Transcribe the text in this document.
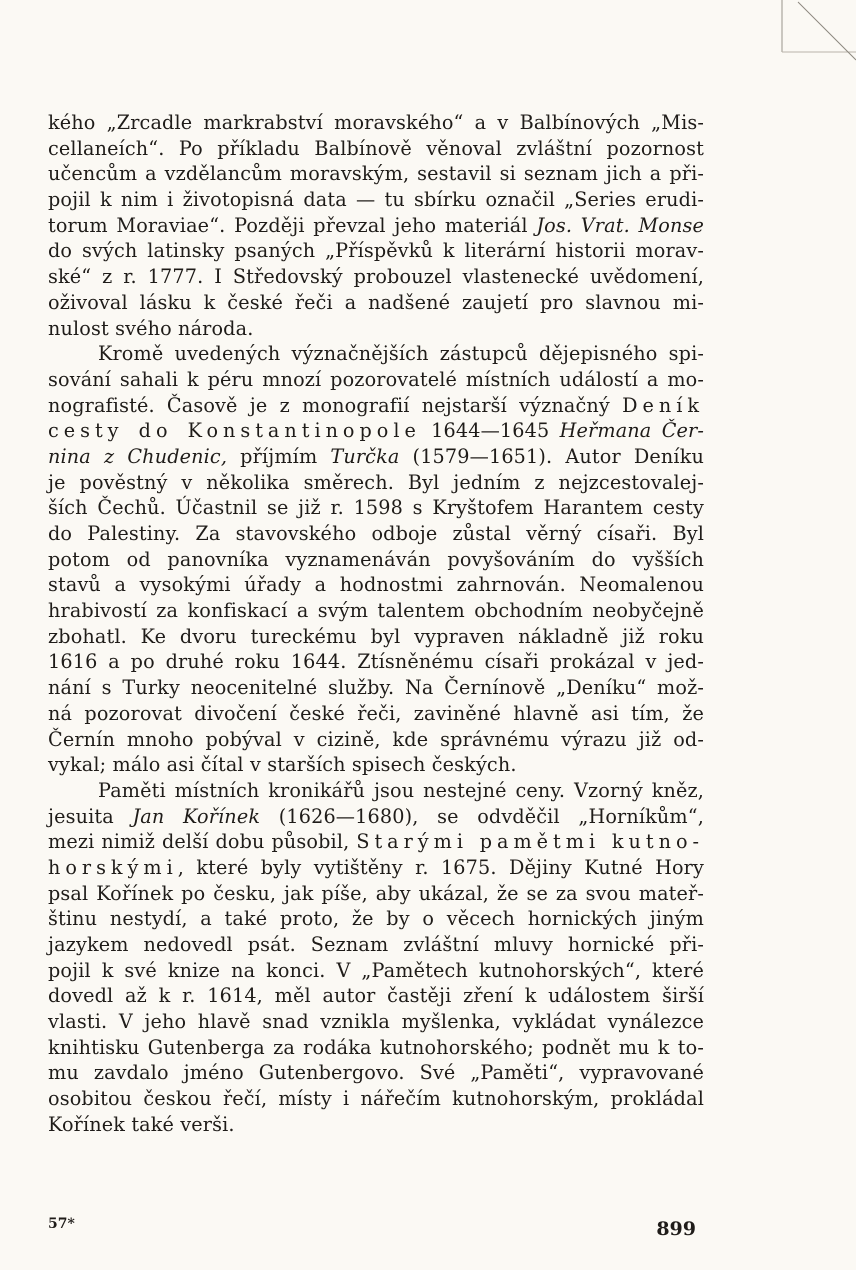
kého „Zrcadle markrabství moravského“ a v Balbínových „Mis-
cellaneích“. Po příkladu Balbínově věnoval zvláštní pozornost
učencům a vzdělancům moravským, sestavil si seznam jich a při-
pojil k nim i životopisná data — tu sbírku označil „Series erudi-
torum Moraviae“. Později převzal jeho materiál Jos. Vrat. Monse
do svých latinsky psaných „Příspěvků k literární historii morav-
ské“ z r. 1777. I Středovský probouzel vlastenecké uvědomení,
oživoval lásku k české řeči a nadšené zaujetí pro slavnou mi-
nulost svého národa.
Kromě uvedených význačnějších zástupců dějepisného spi-
sování sahali k péru mnozí pozorovatelé místních událostí a mo-
nografisté. Časově je z monografií nejstarší význačný Deník
cesty do Konstantinopole 1644—1645 Heřmana Čer-
nina z Chudenic, příjmím Turčka (1579—1651). Autor Deníku
je pověstný v několika směrech. Byl jedním z nejzcestovalej-
ších Čechů. Účastnil se již r. 1598 s Kryštofem Harantem cesty
do Palestiny. Za stavovského odboje zůstal věrný císaři. Byl
potom od panovníka vyznamenáván povyšováním do vyšších
stavů a vysokými úřady a hodnostmi zahrnován. Neomalenou
hrabivostí za konfiskací a svým talentem obchodním neobyčejně
zbohatl. Ke dvoru tureckému byl vypraven nákladně již roku
1616 a po druhé roku 1644. Ztísněnému císaři prokázal v jed-
nání s Turky neocenitelné služby. Na Černínově „Deníku“ mož-
ná pozorovat divočení české řeči, zaviněné hlavně asi tím, že
Černín mnoho pobýval v cizině, kde správnému výrazu již od-
vykal; málo asi čítal v starších spisech českých.
Paměti místních kronikářů jsou nestejné ceny. Vzorný kněz,
jesuita Jan Kořínek (1626—1680), se odvděčil „Horníkům“,
mezi nimiž delší dobu působil, Starými pamětmi kutno-
horskými, které byly vytištěny r. 1675. Dějiny Kutné Hory
psal Kořínek po česku, jak píše, aby ukázal, že se za svou mateř-
štinu nestydí, a také proto, že by o věcech hornických jiným
jazykem nedovedl psát. Seznam zvláštní mluvy hornické při-
pojil k své knize na konci. V „Pamětech kutnohorských“, které
dovedl až k r. 1614, měl autor častěji zření k událostem širší
vlasti. V jeho hlavě snad vznikla myšlenka, vykládat vynálezce
knihtisku Gutenberga za rodáka kutnohorského; podnět mu k to-
mu zavdalo jméno Gutenbergovo. Své „Paměti“, vypravované
osobitou českou řečí, místy i nářečím kutnohorským, prokládal
Kořínek také verši.
57*	899
